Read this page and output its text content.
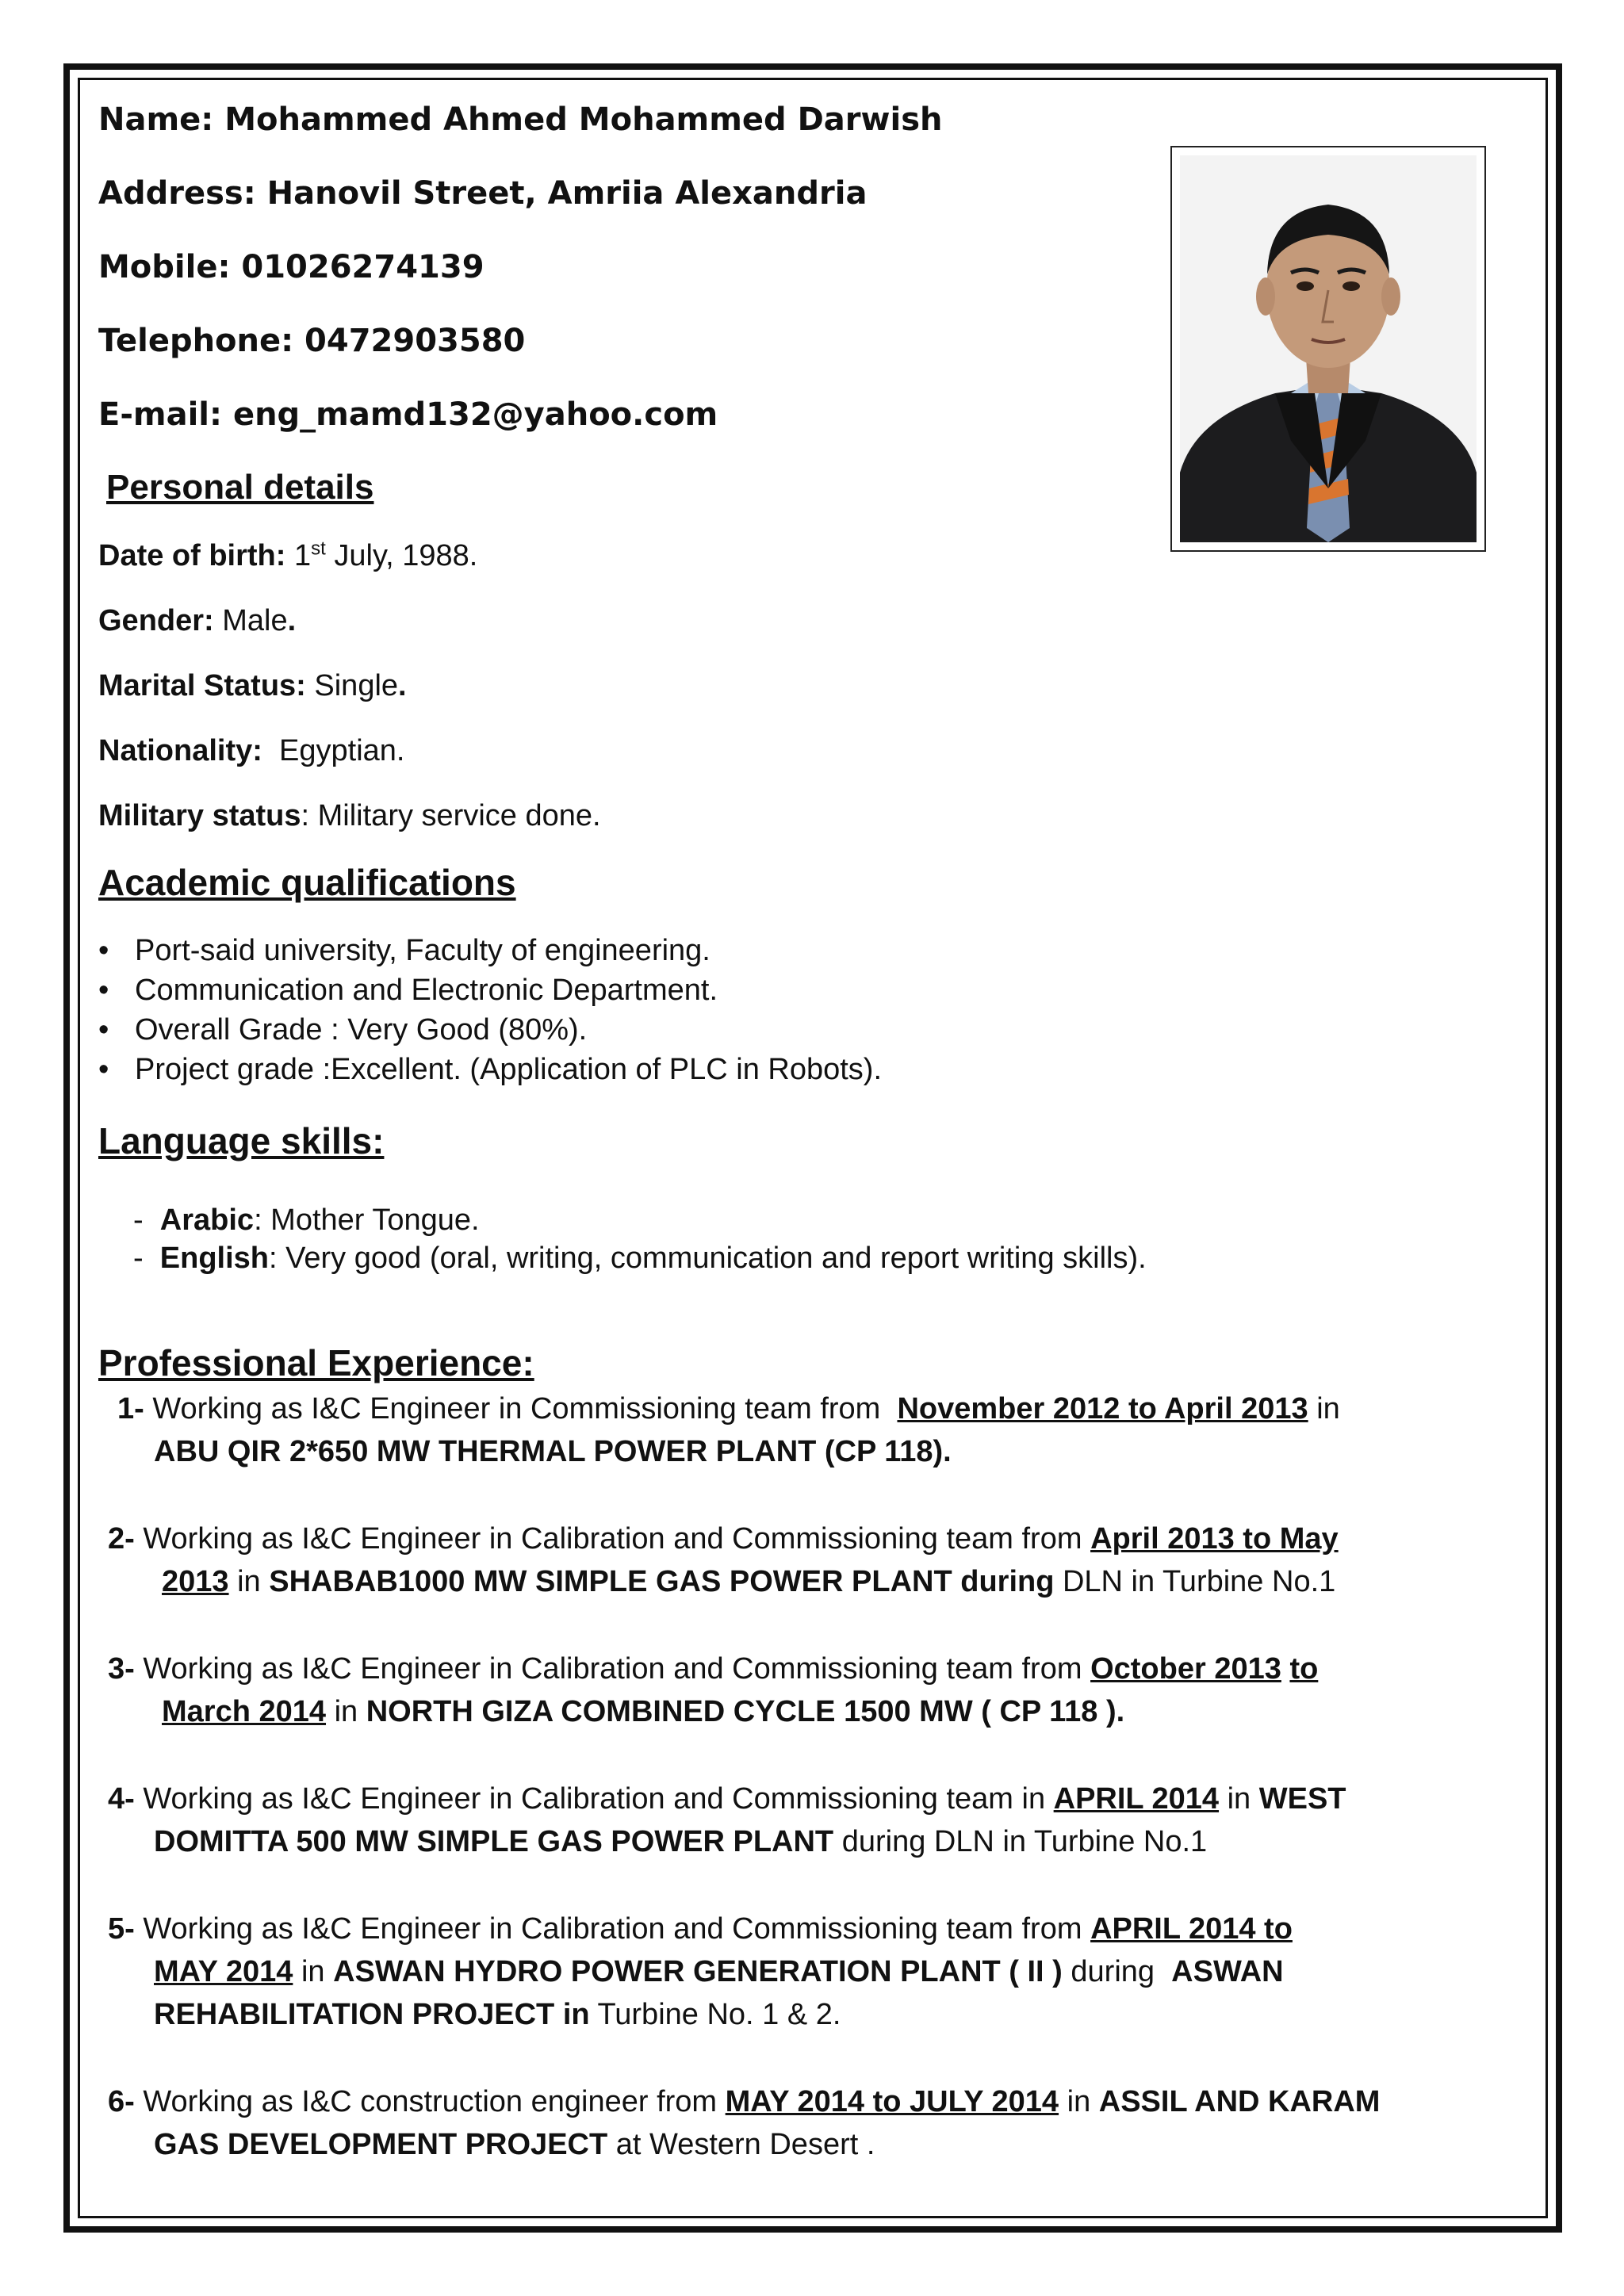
Name: Mohammed Ahmed Mohammed Darwish
Address: Hanovil Street, Amriia Alexandria
Mobile: 01026274139
Telephone: 0472903580
E-mail: eng_mamd132@yahoo.com
Personal details
Date of birth: 1st July, 1988.
Gender: Male.
Marital Status: Single.
Nationality: Egyptian.
Military status: Military service done.
Academic qualifications
• Port-said university, Faculty of engineering.
• Communication and Electronic Department.
• Overall Grade : Very Good (80%).
• Project grade :Excellent. (Application of PLC in Robots).
Language skills:
-  Arabic: Mother Tongue.
-  English: Very good (oral, writing, communication and report writing skills).
Professional Experience:
1- Working as I&C Engineer in Commissioning team from November 2012 to April 2013 in
ABU QIR 2*650 MW THERMAL POWER PLANT (CP 118).
2- Working as I&C Engineer in Calibration and Commissioning team from April 2013 to May
2013 in SHABAB1000 MW SIMPLE GAS POWER PLANT during DLN in Turbine No.1
3- Working as I&C Engineer in Calibration and Commissioning team from October 2013 to
March 2014 in NORTH GIZA COMBINED CYCLE 1500 MW ( CP 118 ).
4- Working as I&C Engineer in Calibration and Commissioning team in APRIL 2014 in WEST
DOMITTA 500 MW SIMPLE GAS POWER PLANT during DLN in Turbine No.1
5- Working as I&C Engineer in Calibration and Commissioning team from APRIL 2014 to
MAY 2014 in ASWAN HYDRO POWER GENERATION PLANT ( II ) during ASWAN
REHABILITATION PROJECT in Turbine No. 1 & 2.
6- Working as I&C construction engineer from MAY 2014 to JULY 2014 in ASSIL AND KARAM
GAS DEVELOPMENT PROJECT at Western Desert .
